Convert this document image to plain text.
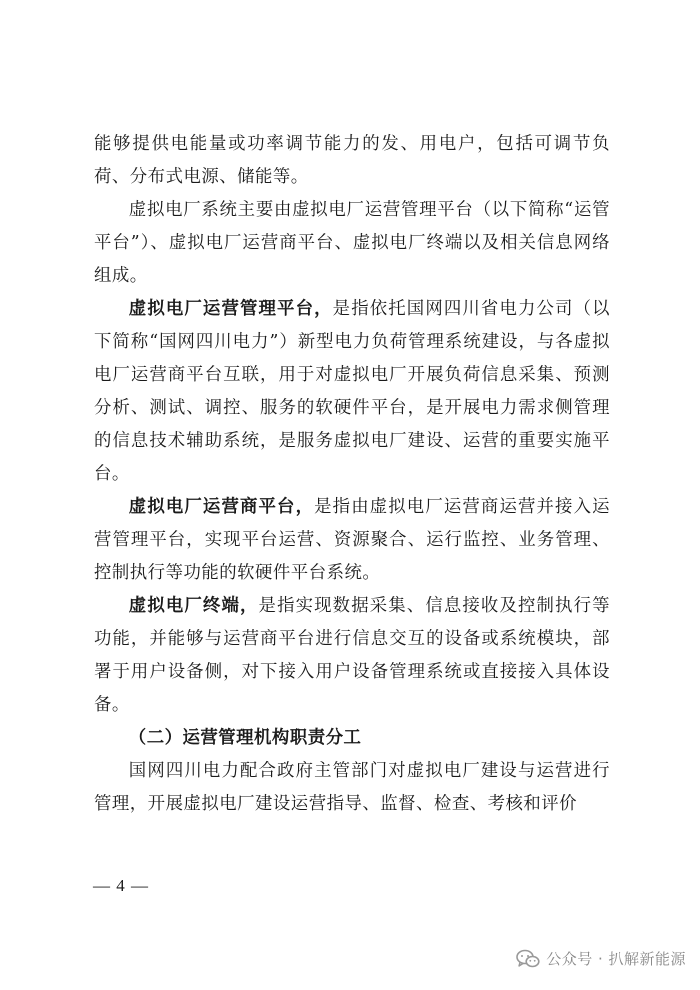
能够提供电能量或功率调节能力的发、用电户，包括可调节负荷、分布式电源、储能等。

虚拟电厂系统主要由虚拟电厂运营管理平台（以下简称“运管平台”）、虚拟电厂运营商平台、虚拟电厂终端以及相关信息网络组成。

虚拟电厂运营管理平台，是指依托国网四川省电力公司（以下简称“国网四川电力”）新型电力负荷管理系统建设，与各虚拟电厂运营商平台互联，用于对虚拟电厂开展负荷信息采集、预测分析、测试、调控、服务的软硬件平台，是开展电力需求侧管理的信息技术辅助系统，是服务虚拟电厂建设、运营的重要实施平台。

虚拟电厂运营商平台，是指由虚拟电厂运营商运营并接入运营管理平台，实现平台运营、资源聚合、运行监控、业务管理、控制执行等功能的软硬件平台系统。

虚拟电厂终端，是指实现数据采集、信息接收及控制执行等功能，并能够与运营商平台进行信息交互的设备或系统模块，部署于用户设备侧，对下接入用户设备管理系统或直接接入具体设备。

（二）运营管理机构职责分工

国网四川电力配合政府主管部门对虚拟电厂建设与运营进行管理，开展虚拟电厂建设运营指导、监督、检查、考核和评价

— 4 —
公众号 · 扒解新能源
